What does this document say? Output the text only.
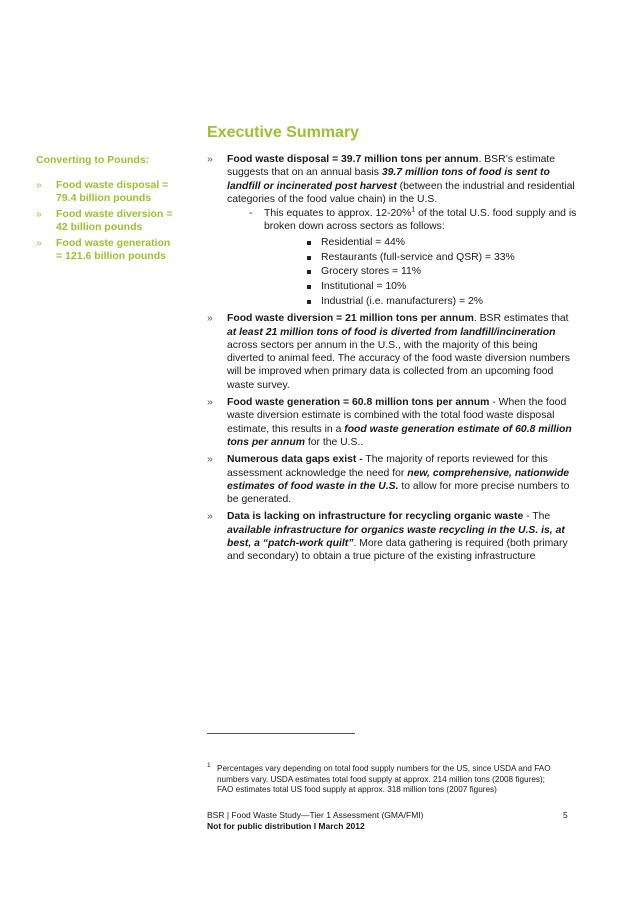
Converting to Pounds:
» Food waste disposal = 79.4 billion pounds
» Food waste diversion = 42 billion pounds
» Food waste generation = 121.6 billion pounds
Executive Summary
» Food waste disposal = 39.7 million tons per annum. BSR’s estimate suggests that on an annual basis 39.7 million tons of food is sent to landfill or incinerated post harvest (between the industrial and residential categories of the food value chain) in the U.S.
- This equates to approx. 12-20%$^1$ of the total U.S. food supply and is broken down across sectors as follows:
Residential = 44%
Restaurants (full-service and QSR) = 33%
Grocery stores = 11%
Institutional = 10%
Industrial (i.e. manufacturers) = 2%
» Food waste diversion = 21 million tons per annum. BSR estimates that at least 21 million tons of food is diverted from landfill/incineration across sectors per annum in the U.S., with the majority of this being diverted to animal feed. The accuracy of the food waste diversion numbers will be improved when primary data is collected from an upcoming food waste survey.
» Food waste generation = 60.8 million tons per annum - When the food waste diversion estimate is combined with the total food waste disposal estimate, this results in a food waste generation estimate of 60.8 million tons per annum for the U.S..
» Numerous data gaps exist - The majority of reports reviewed for this assessment acknowledge the need for new, comprehensive, nationwide estimates of food waste in the U.S. to allow for more precise numbers to be generated.
» Data is lacking on infrastructure for recycling organic waste - The available infrastructure for organics waste recycling in the U.S. is, at best, a “patch-work quilt”. More data gathering is required (both primary and secondary) to obtain a true picture of the existing infrastructure
1 Percentages vary depending on total food supply numbers for the US, since USDA and FAO numbers vary. USDA estimates total food supply at approx. 214 million tons (2008 figures); FAO estimates total US food supply at approx. 318 million tons (2007 figures)
BSR | Food Waste Study—Tier 1 Assessment (GMA/FMI)
Not for public distribution I March 2012
5
